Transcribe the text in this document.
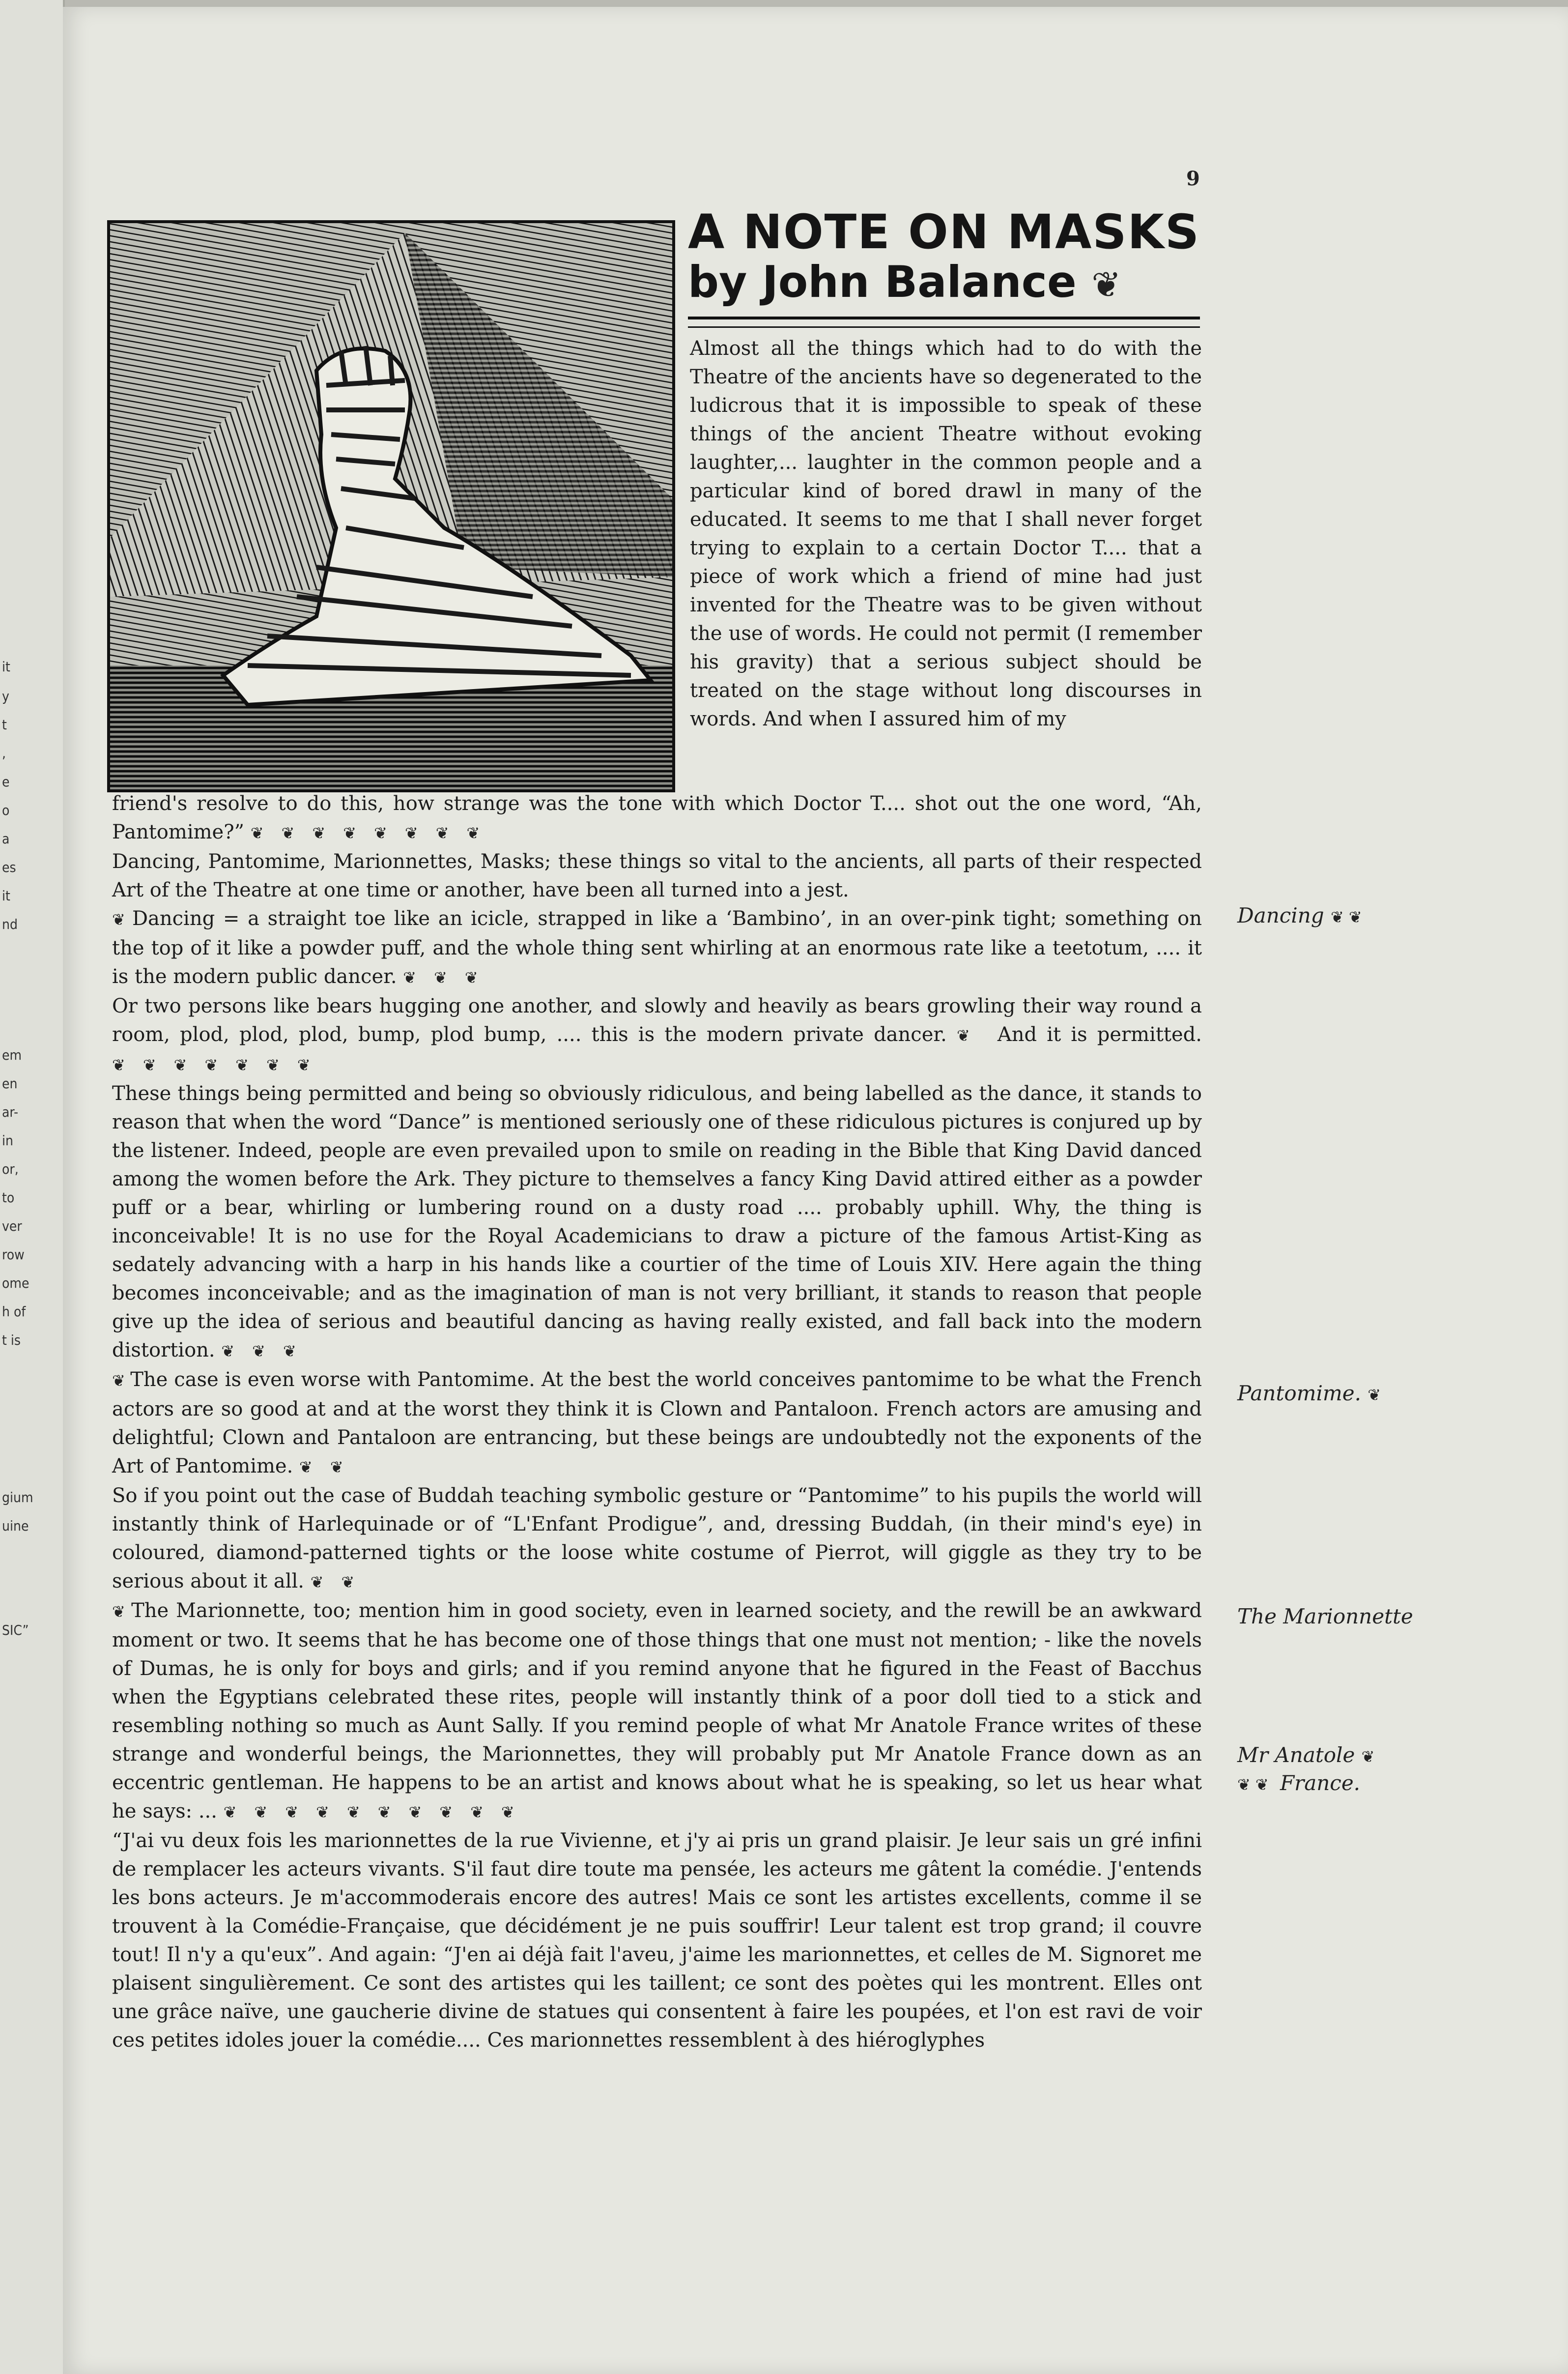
it
y
t
,
e
o
a
es
it
nd
em
en
ar-
in
or,
to
ver
row
ome
h of
t is
gium
uine
SIC”
9
A NOTE ON MASKS
by John Balance ❦

Almost all the things which had to do with the Theatre of the ancients have so degenerated to the ludicrous that it is impossible to speak of these things of the ancient Theatre without evoking laughter,... laughter in the common people and a particular kind of bored drawl in many of the educated. It seems to me that I shall never forget trying to explain to a certain Doctor T.... that a piece of work which a friend of mine had just invented for the Theatre was to be given without the use of words. He could not permit (I remember his gravity) that a serious subject should be treated on the stage without long discourses in words. And when I assured him of my

friend's resolve to do this, how strange was the tone with which Doctor T.... shot out the one word, “Ah, Pantomime?” ❦❦❦❦❦❦❦❦

Dancing, Pantomime, Marionnettes, Masks; these things so vital to the ancients, all parts of their respected Art of the Theatre at one time or another, have been all turned into a jest.

❦ Dancing = a straight toe like an icicle, strapped in like a ‘Bambino’, in an over-pink tight; something on the top of it like a powder puff, and the whole thing sent whirling at an enormous rate like a teetotum, .... it is the modern public dancer. ❦❦❦

Or two persons like bears hugging one another, and slowly and heavily as bears growling their way round a room, plod, plod, plod, bump, plod bump, .... this is the modern private dancer. ❦ And it is permitted. ❦❦❦❦❦❦❦

These things being permitted and being so obviously ridiculous, and being labelled as the dance, it stands to reason that when the word “Dance” is mentioned seriously one of these ridiculous pictures is conjured up by the listener. Indeed, people are even prevailed upon to smile on reading in the Bible that King David danced among the women before the Ark. They picture to themselves a fancy King David attired either as a powder puff or a bear, whirling or lumbering round on a dusty road .... probably uphill. Why, the thing is inconceivable! It is no use for the Royal Academicians to draw a picture of the famous Artist-King as sedately advancing with a harp in his hands like a courtier of the time of Louis XIV. Here again the thing becomes inconceivable; and as the imagination of man is not very brilliant, it stands to reason that people give up the idea of serious and beautiful dancing as having really existed, and fall back into the modern distortion. ❦❦❦

❦ The case is even worse with Pantomime. At the best the world conceives pantomime to be what the French actors are so good at and at the worst they think it is Clown and Pantaloon. French actors are amusing and delightful; Clown and Pantaloon are entrancing, but these beings are undoubtedly not the exponents of the Art of Pantomime. ❦❦

So if you point out the case of Buddah teaching symbolic gesture or “Pantomime” to his pupils the world will instantly think of Harlequinade or of “L'Enfant Prodigue”, and, dressing Buddah, (in their mind's eye) in coloured, diamond-patterned tights or the loose white costume of Pierrot, will giggle as they try to be serious about it all. ❦❦

❦ The Marionnette, too; mention him in good society, even in learned society, and the rewill be an awkward moment or two. It seems that he has become one of those things that one must not mention; - like the novels of Dumas, he is only for boys and girls; and if you remind anyone that he figured in the Feast of Bacchus when the Egyptians celebrated these rites, people will instantly think of a poor doll tied to a stick and resembling nothing so much as Aunt Sally. If you remind people of what Mr Anatole France writes of these strange and wonderful beings, the Marionnettes, they will probably put Mr Anatole France down as an eccentric gentleman. He happens to be an artist and knows about what he is speaking, so let us hear what he says: ... ❦❦❦❦❦❦❦❦❦❦

“J'ai vu deux fois les marionnettes de la rue Vivienne, et j'y ai pris un grand plaisir. Je leur sais un gré infini de remplacer les acteurs vivants. S'il faut dire toute ma pensée, les acteurs me gâtent la comédie. J'entends les bons acteurs. Je m'accommoderais encore des autres! Mais ce sont les artistes excellents, comme il se trouvent à la Comédie-Française, que décidément je ne puis souffrir! Leur talent est trop grand; il couvre tout! Il n'y a qu'eux”. And again: “J'en ai déjà fait l'aveu, j'aime les marionnettes, et celles de M. Signoret me plaisent singulièrement. Ce sont des artistes qui les taillent; ce sont des poètes qui les montrent. Elles ont une grâce naïve, une gaucherie divine de statues qui consentent à faire les poupées, et l'on est ravi de voir ces petites idoles jouer la comédie.... Ces marionnettes ressemblent à des hiéroglyphes

Dancing ❦❦
Pantomime. ❦
The Marionnette
Mr Anatole ❦
❦❦ France.
